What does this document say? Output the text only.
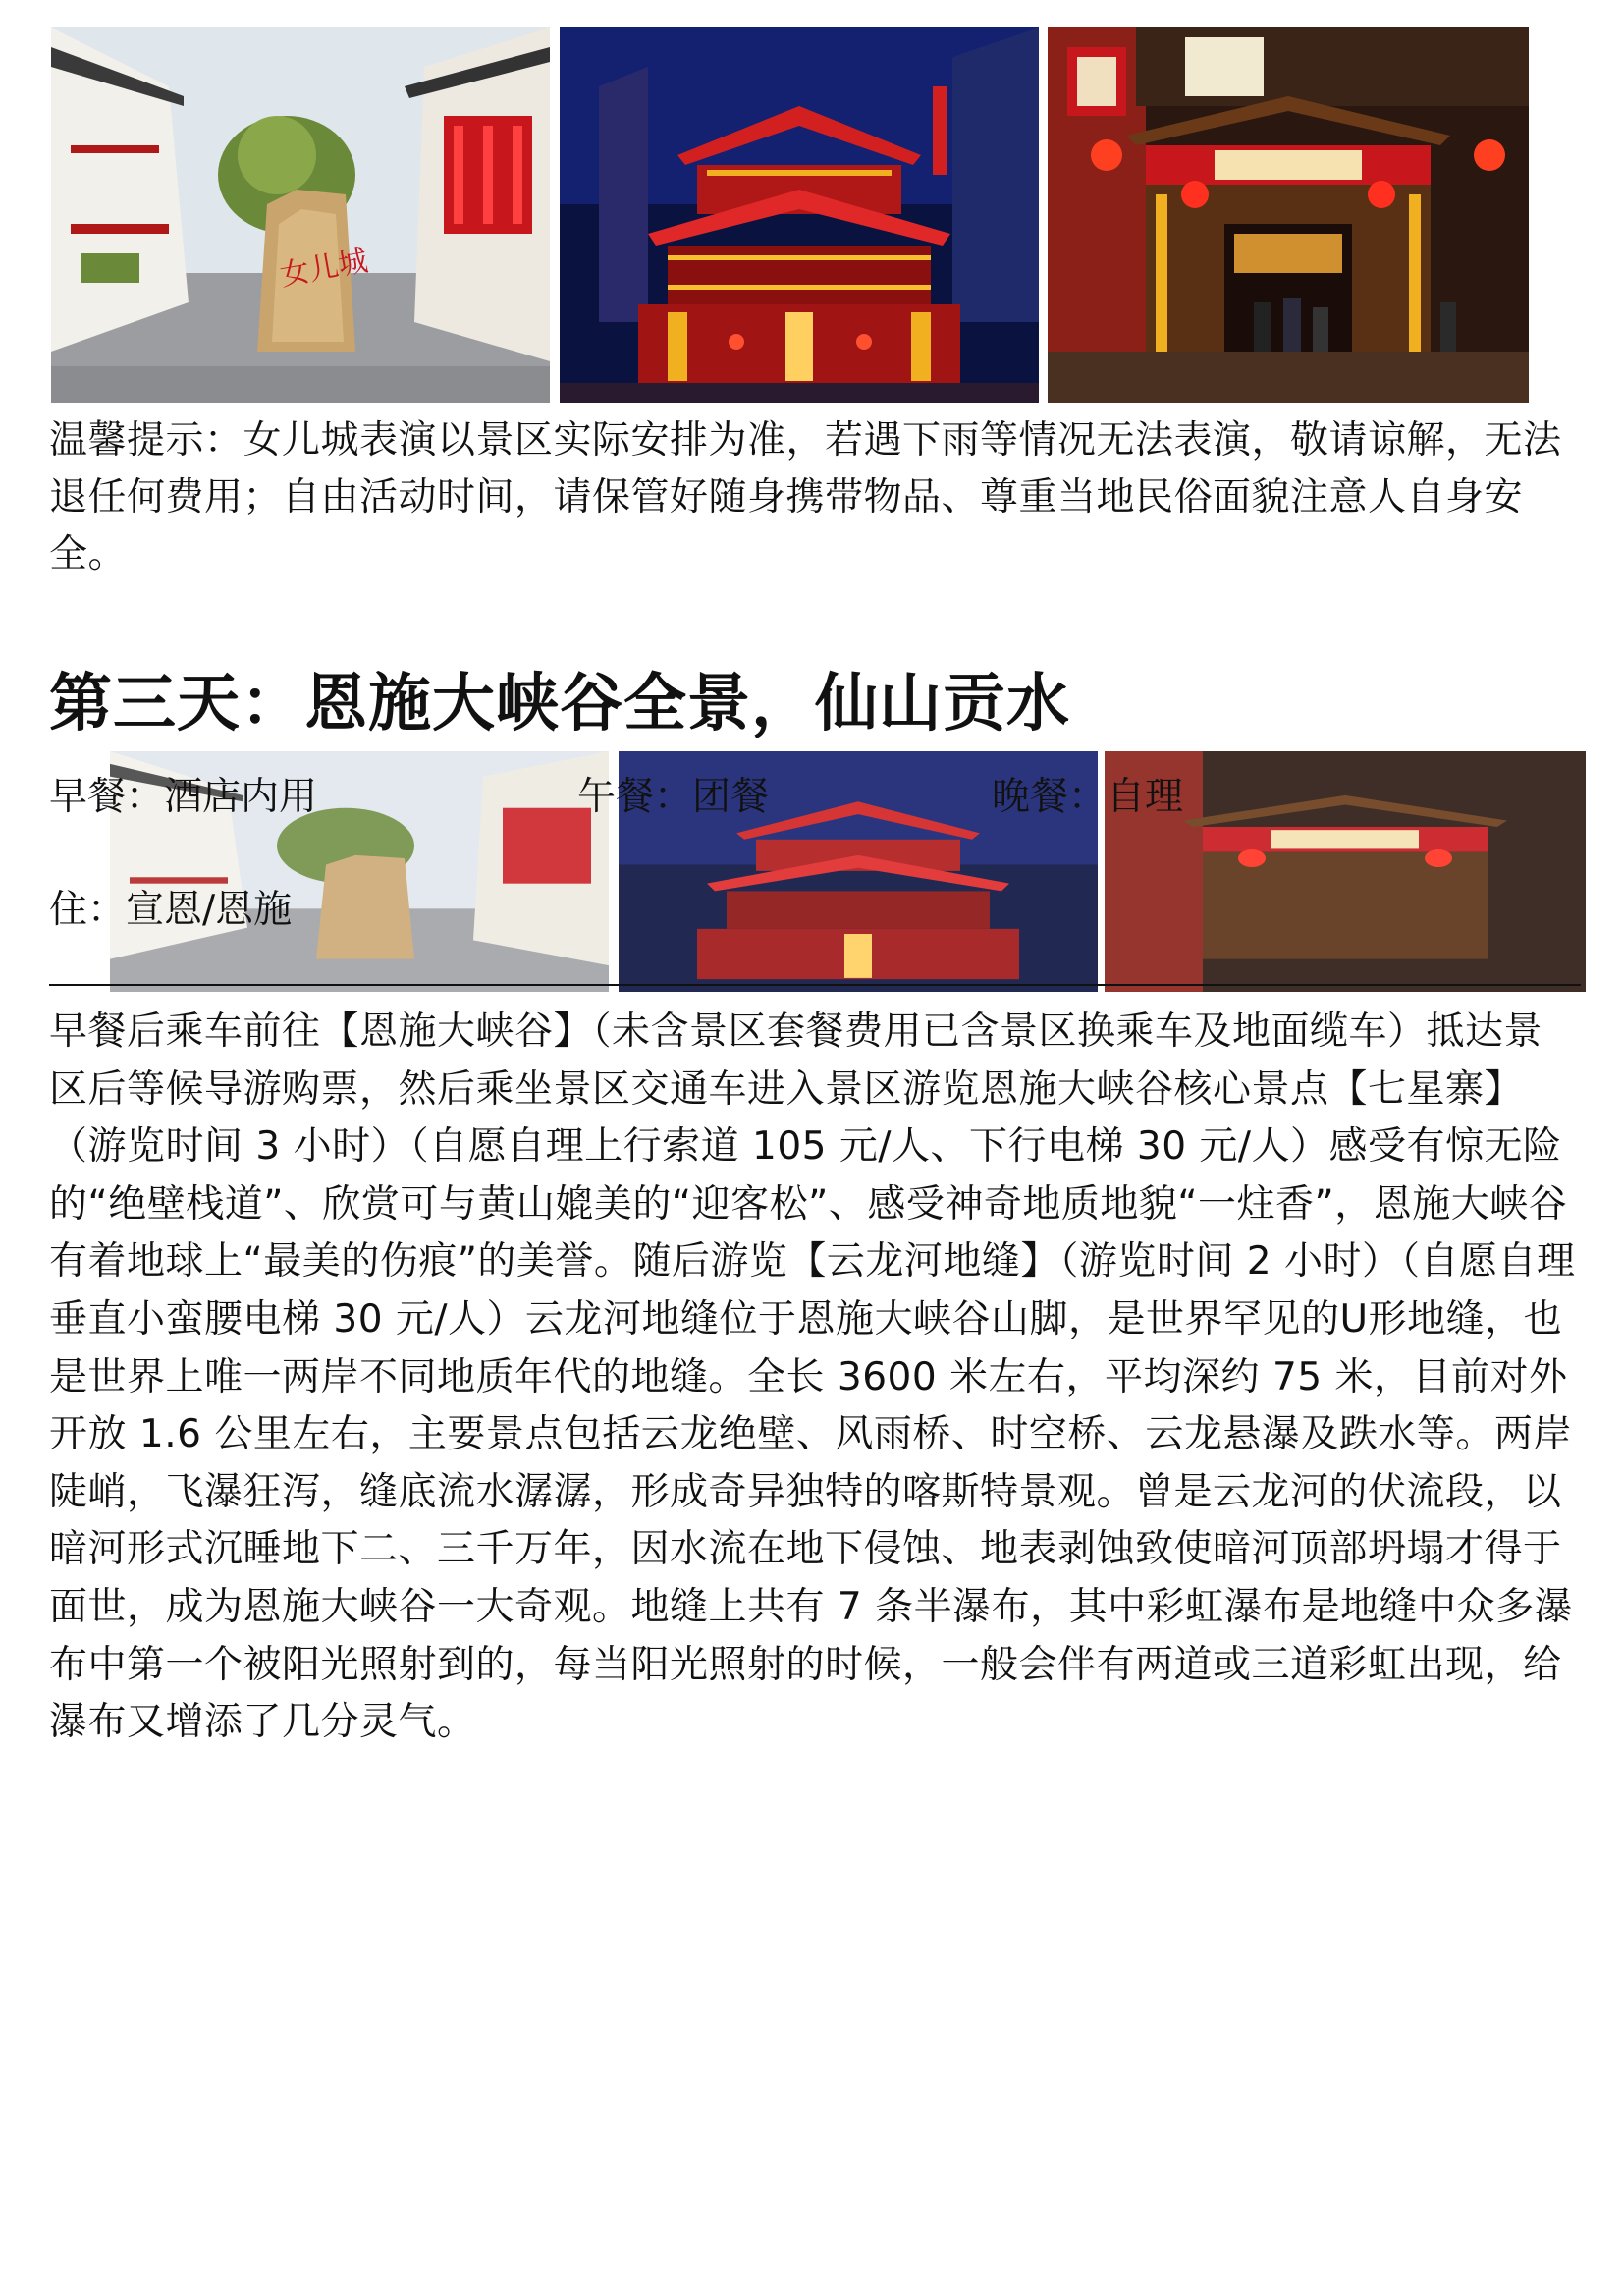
女儿城
温馨提示：女儿城表演以景区实际安排为准，若遇下雨等情况无法表演，敬请谅解，无法退任何费用；自由活动时间，请保管好随身携带物品、尊重当地民俗面貌注意人自身安全。
第三天：恩施大峡谷全景，仙山贡水
早餐：酒店内用	午餐：团餐	晚餐：自理
住：宣恩/恩施
早餐后乘车前往【恩施大峡谷】（未含景区套餐费用已含景区换乘车及地面缆车）抵达景区后等候导游购票，然后乘坐景区交通车进入景区游览恩施大峡谷核心景点【七星寨】（游览时间 3 小时）（自愿自理上行索道 105 元/人、下行电梯 30 元/人）感受有惊无险的“绝壁栈道”、欣赏可与黄山媲美的“迎客松”、感受神奇地质地貌“一炷香”，恩施大峡谷有着地球上“最美的伤痕”的美誉。随后游览【云龙河地缝】（游览时间 2 小时）（自愿自理垂直小蛮腰电梯 30 元/人）云龙河地缝位于恩施大峡谷山脚，是世界罕见的U形地缝，也是世界上唯一两岸不同地质年代的地缝。全长 3600 米左右，平均深约 75 米，目前对外开放 1.6 公里左右，主要景点包括云龙绝壁、风雨桥、时空桥、云龙悬瀑及跌水等。两岸陡峭，飞瀑狂泻，缝底流水潺潺，形成奇异独特的喀斯特景观。曾是云龙河的伏流段，以暗河形式沉睡地下二、三千万年，因水流在地下侵蚀、地表剥蚀致使暗河顶部坍塌才得于面世，成为恩施大峡谷一大奇观。地缝上共有 7 条半瀑布，其中彩虹瀑布是地缝中众多瀑布中第一个被阳光照射到的，每当阳光照射的时候，一般会伴有两道或三道彩虹出现，给瀑布又增添了几分灵气。
